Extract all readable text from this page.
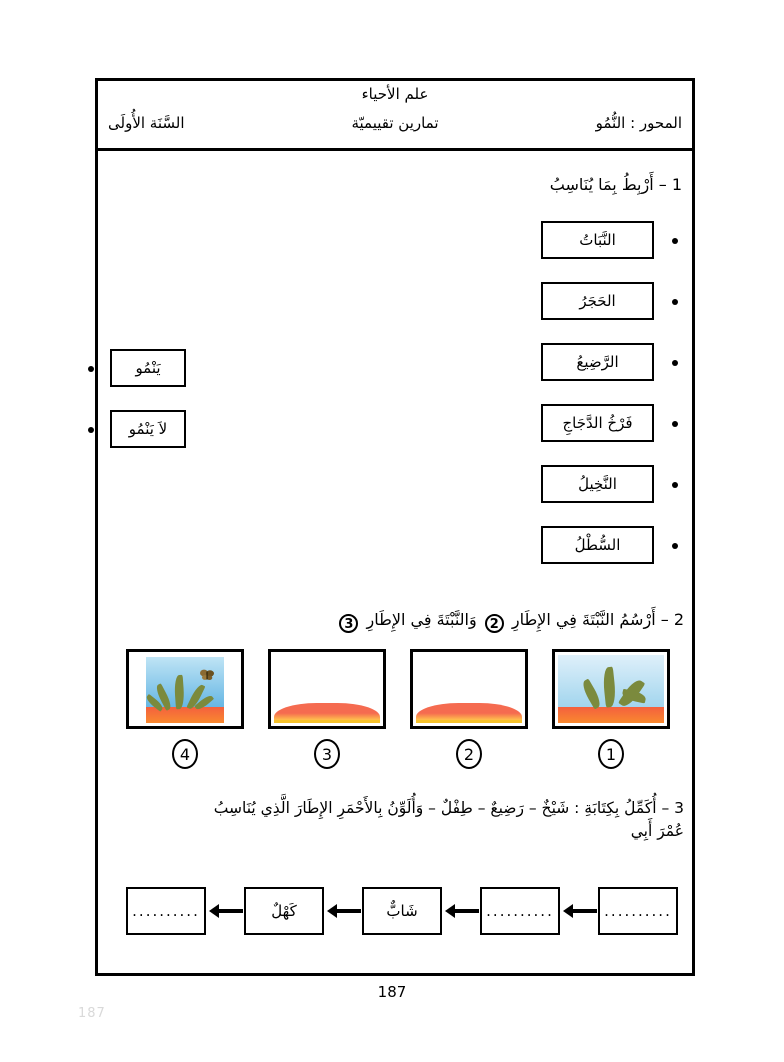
علم الأحياء
تمارين تقييميّة	المحور : النُّمُو
السَّنَة الأُولَى
1 – أَرْبِطُ بِمَا يُنَاسِبُ
النَّبَاتُ
الحَجَرُ
الرَّضِيعُ
فَرْخُ الدَّجَاجِ
النَّخِيلُ
السُّطْلُ
يَنْمُو
لاَ يَنْمُو
2 – أَرْسُمُ النَّبْتَةَ فِي الإِطَارِ 2 وَالنَّبْتَةَ فِي الإِطَارِ 3
4	3	2	1
3 – أُكَمِّلُ بِكِتَابَةِ : شَيْخٌ – رَضِيعٌ – طِفْلٌ – وَأُلَوِّنُ بِالأَحْمَرِ الإِطَارَ الَّذِي يُنَاسِبُ
عُمْرَ أَبِي
..........
..........
شَابٌّ
كَهْلٌ
..........
187
187
